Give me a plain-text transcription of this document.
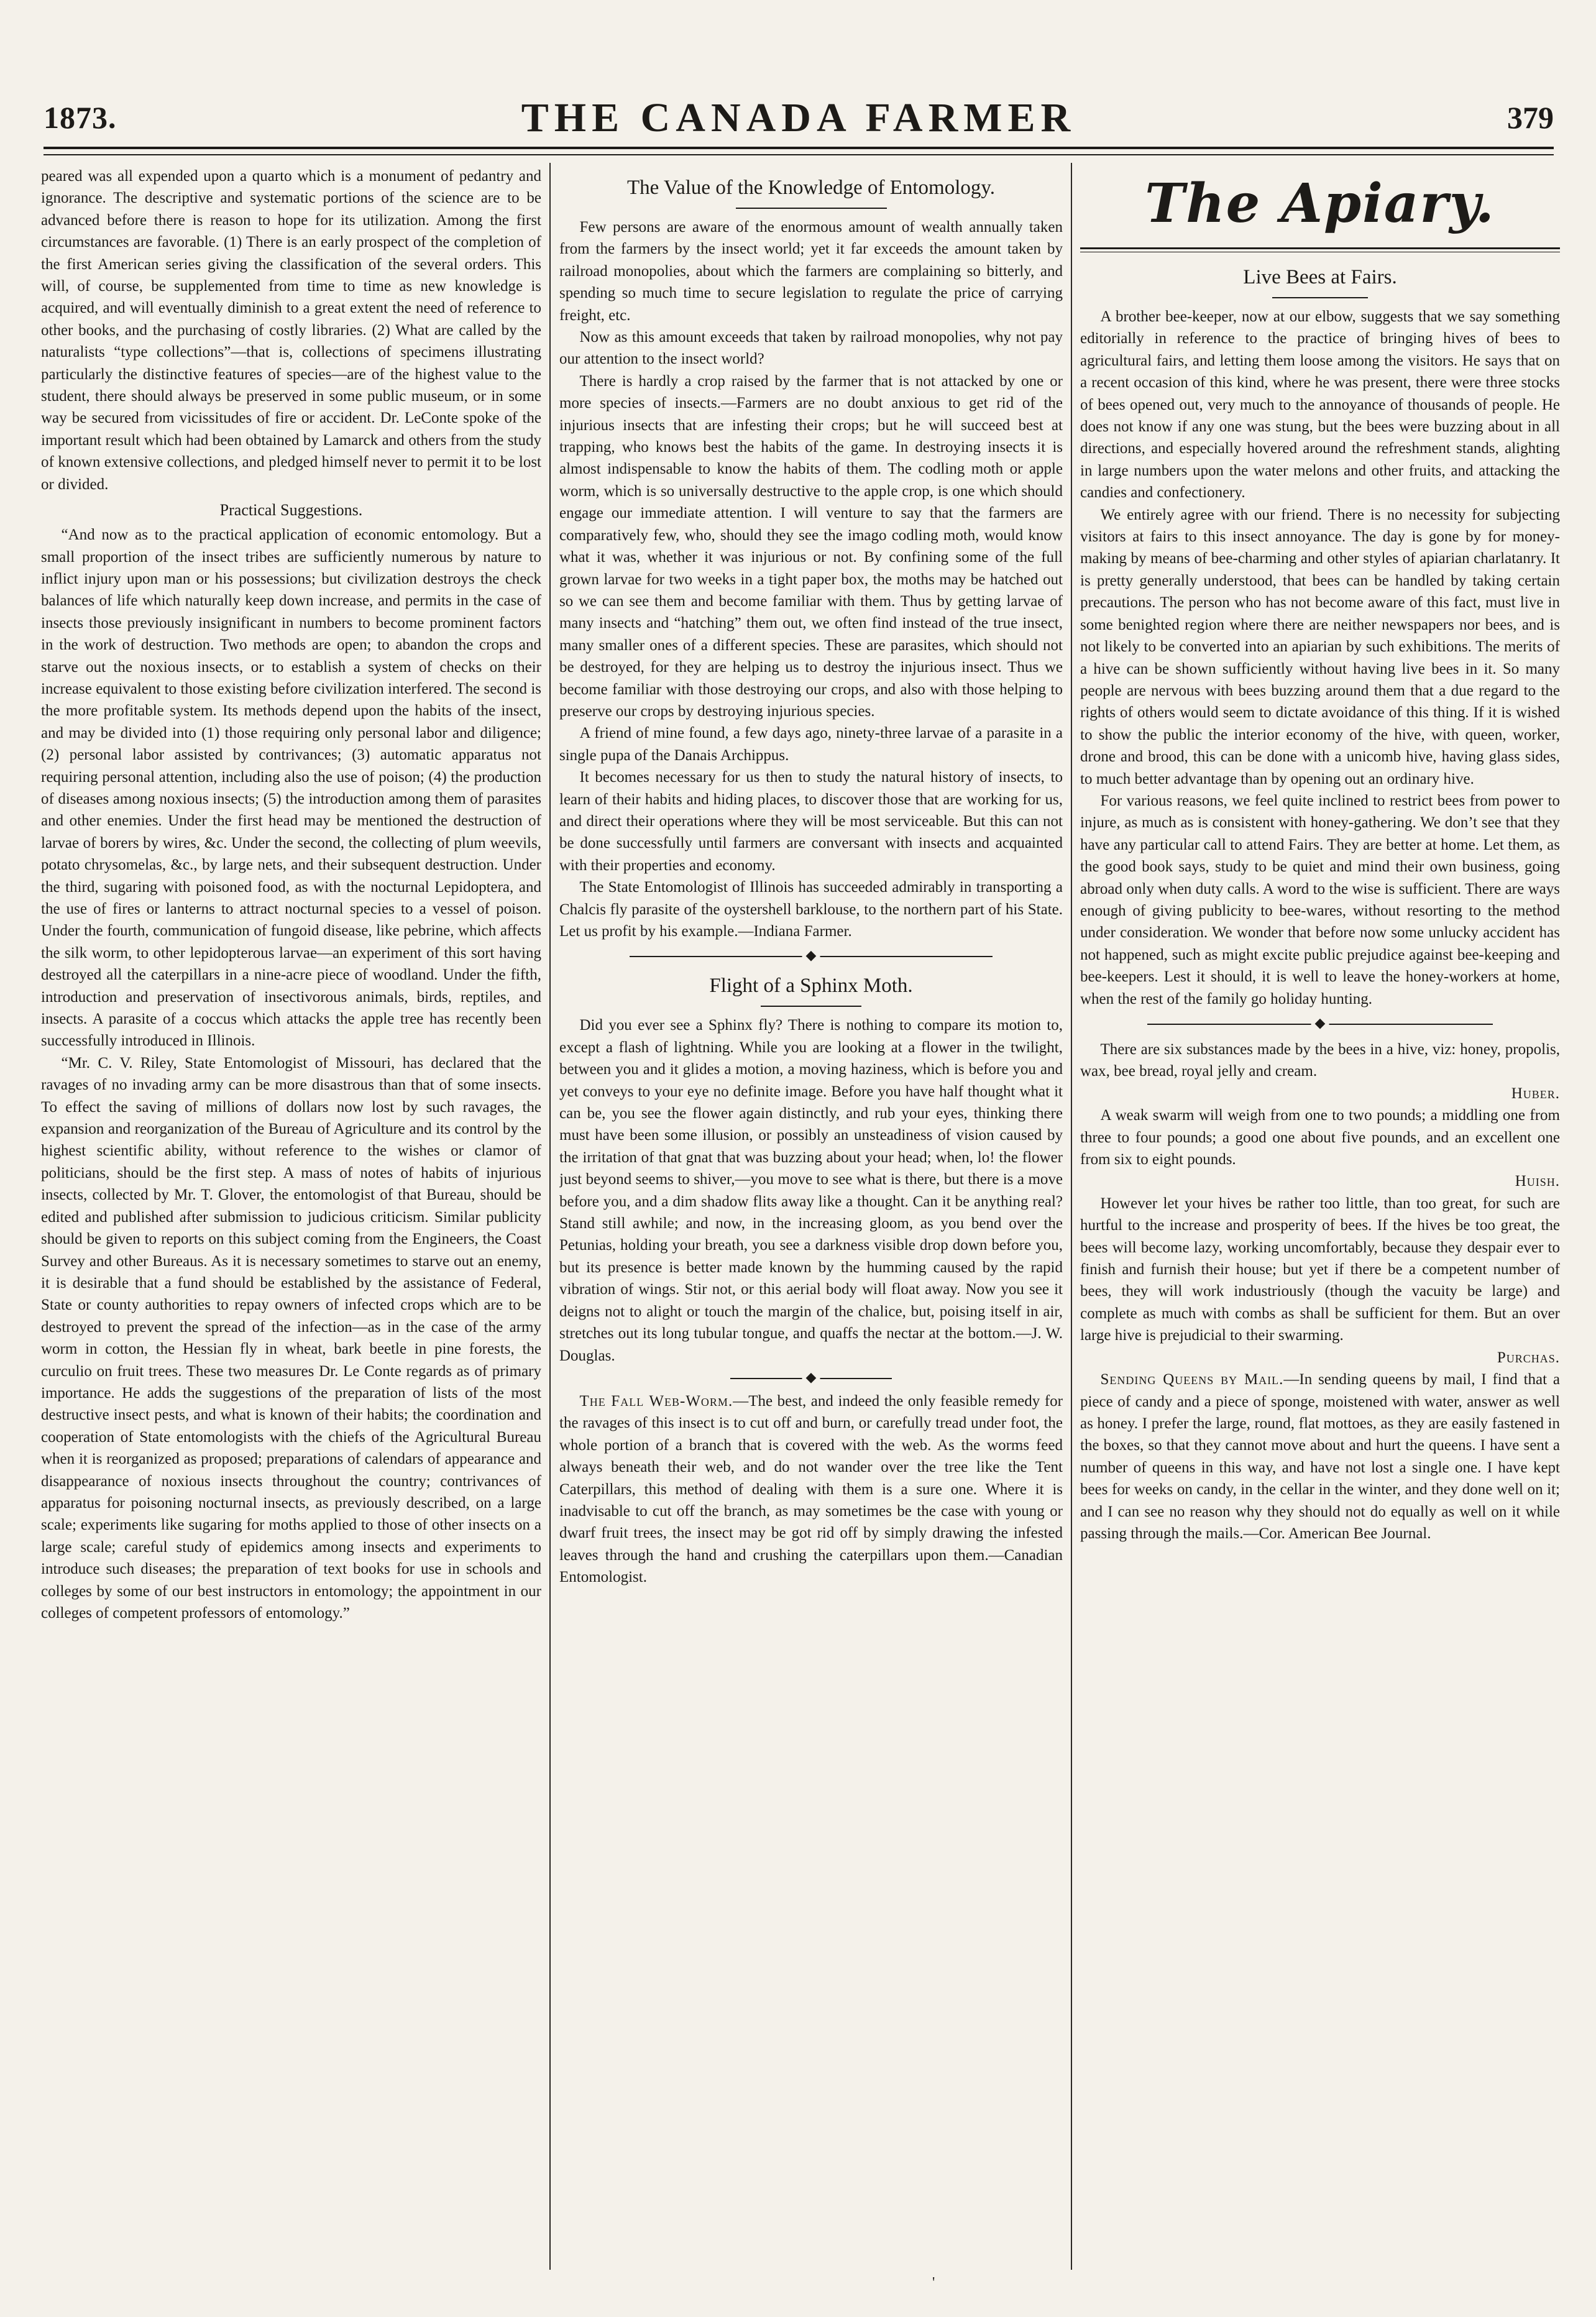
1873.	THE CANADA FARMER	379

peared was all expended upon a quarto which is a monument of pedantry and ignorance. The descriptive and systematic portions of the science are to be advanced before there is reason to hope for its utilization. Among the first circumstances are favorable. (1) There is an early prospect of the completion of the first American series giving the classification of the several orders. This will, of course, be supplemented from time to time as new knowledge is acquired, and will eventually diminish to a great extent the need of reference to other books, and the purchasing of costly libraries. (2) What are called by the naturalists “type collections”—that is, collections of specimens illustrating particularly the distinctive features of species—are of the highest value to the student, there should always be preserved in some public museum, or in some way be secured from vicissitudes of fire or accident. Dr. LeConte spoke of the important result which had been obtained by Lamarck and others from the study of known extensive collections, and pledged himself never to permit it to be lost or divided.

Practical Suggestions.

“And now as to the practical application of economic entomology. But a small proportion of the insect tribes are sufficiently numerous by nature to inflict injury upon man or his possessions; but civilization destroys the check balances of life which naturally keep down increase, and permits in the case of insects those previously insignificant in numbers to become prominent factors in the work of destruction. Two methods are open; to abandon the crops and starve out the noxious insects, or to establish a system of checks on their increase equivalent to those existing before civilization interfered. The second is the more profitable system. Its methods depend upon the habits of the insect, and may be divided into (1) those requiring only personal labor and diligence; (2) personal labor assisted by contrivances; (3) automatic apparatus not requiring personal attention, including also the use of poison; (4) the production of diseases among noxious insects; (5) the introduction among them of parasites and other enemies. Under the first head may be mentioned the destruction of larvae of borers by wires, &c. Under the second, the collecting of plum weevils, potato chrysomelas, &c., by large nets, and their subsequent destruction. Under the third, sugaring with poisoned food, as with the nocturnal Lepidoptera, and the use of fires or lanterns to attract nocturnal species to a vessel of poison. Under the fourth, communication of fungoid disease, like pebrine, which affects the silk worm, to other lepidopterous larvae—an experiment of this sort having destroyed all the caterpillars in a nine-acre piece of woodland. Under the fifth, introduction and preservation of insectivorous animals, birds, reptiles, and insects. A parasite of a coccus which attacks the apple tree has recently been successfully introduced in Illinois.

“Mr. C. V. Riley, State Entomologist of Missouri, has declared that the ravages of no invading army can be more disastrous than that of some insects. To effect the saving of millions of dollars now lost by such ravages, the expansion and reorganization of the Bureau of Agriculture and its control by the highest scientific ability, without reference to the wishes or clamor of politicians, should be the first step. A mass of notes of habits of injurious insects, collected by Mr. T. Glover, the entomologist of that Bureau, should be edited and published after submission to judicious criticism. Similar publicity should be given to reports on this subject coming from the Engineers, the Coast Survey and other Bureaus. As it is necessary sometimes to starve out an enemy, it is desirable that a fund should be established by the assistance of Federal, State or county authorities to repay owners of infected crops which are to be destroyed to prevent the spread of the infection—as in the case of the army worm in cotton, the Hessian fly in wheat, bark beetle in pine forests, the curculio on fruit trees. These two measures Dr. Le Conte regards as of primary importance. He adds the suggestions of the preparation of lists of the most destructive insect pests, and what is known of their habits; the coordination and cooperation of State entomologists with the chiefs of the Agricultural Bureau when it is reorganized as proposed; preparations of calendars of appearance and disappearance of noxious insects throughout the country; contrivances of apparatus for poisoning nocturnal insects, as previously described, on a large scale; experiments like sugaring for moths applied to those of other insects on a large scale; careful study of epidemics among insects and experiments to introduce such diseases; the preparation of text books for use in schools and colleges by some of our best instructors in entomology; the appointment in our colleges of competent professors of entomology.”

The Value of the Knowledge of Entomology.

Few persons are aware of the enormous amount of wealth annually taken from the farmers by the insect world; yet it far exceeds the amount taken by railroad monopolies, about which the farmers are complaining so bitterly, and spending so much time to secure legislation to regulate the price of carrying freight, etc.

Now as this amount exceeds that taken by railroad monopolies, why not pay our attention to the insect world?

There is hardly a crop raised by the farmer that is not attacked by one or more species of insects.—Farmers are no doubt anxious to get rid of the injurious insects that are infesting their crops; but he will succeed best at trapping, who knows best the habits of the game. In destroying insects it is almost indispensable to know the habits of them. The codling moth or apple worm, which is so universally destructive to the apple crop, is one which should engage our immediate attention. I will venture to say that the farmers are comparatively few, who, should they see the imago codling moth, would know what it was, whether it was injurious or not. By confining some of the full grown larvae for two weeks in a tight paper box, the moths may be hatched out so we can see them and become familiar with them. Thus by getting larvae of many insects and “hatching” them out, we often find instead of the true insect, many smaller ones of a different species. These are parasites, which should not be destroyed, for they are helping us to destroy the injurious insect. Thus we become familiar with those destroying our crops, and also with those helping to preserve our crops by destroying injurious species.

A friend of mine found, a few days ago, ninety-three larvae of a parasite in a single pupa of the Danais Archippus.

It becomes necessary for us then to study the natural history of insects, to learn of their habits and hiding places, to discover those that are working for us, and direct their operations where they will be most serviceable. But this can not be done successfully until farmers are conversant with insects and acquainted with their properties and economy.

The State Entomologist of Illinois has succeeded admirably in transporting a Chalcis fly parasite of the oystershell barklouse, to the northern part of his State. Let us profit by his example.—Indiana Farmer.

◆
Flight of a Sphinx Moth.

Did you ever see a Sphinx fly? There is nothing to compare its motion to, except a flash of lightning. While you are looking at a flower in the twilight, between you and it glides a motion, a moving haziness, which is before you and yet conveys to your eye no definite image. Before you have half thought what it can be, you see the flower again distinctly, and rub your eyes, thinking there must have been some illusion, or possibly an unsteadiness of vision caused by the irritation of that gnat that was buzzing about your head; when, lo! the flower just beyond seems to shiver,—you move to see what is there, but there is a move before you, and a dim shadow flits away like a thought. Can it be anything real? Stand still awhile; and now, in the increasing gloom, as you bend over the Petunias, holding your breath, you see a darkness visible drop down before you, but its presence is better made known by the humming caused by the rapid vibration of wings. Stir not, or this aerial body will float away. Now you see it deigns not to alight or touch the margin of the chalice, but, poising itself in air, stretches out its long tubular tongue, and quaffs the nectar at the bottom.—J. W. Douglas.

◆

The Fall Web-Worm.—The best, and indeed the only feasible remedy for the ravages of this insect is to cut off and burn, or carefully tread under foot, the whole portion of a branch that is covered with the web. As the worms feed always beneath their web, and do not wander over the tree like the Tent Caterpillars, this method of dealing with them is a sure one. Where it is inadvisable to cut off the branch, as may sometimes be the case with young or dwarf fruit trees, the insect may be got rid off by simply drawing the infested leaves through the hand and crushing the caterpillars upon them.—Canadian Entomologist.

The Apiary.
Live Bees at Fairs.

A brother bee-keeper, now at our elbow, suggests that we say something editorially in reference to the practice of bringing hives of bees to agricultural fairs, and letting them loose among the visitors. He says that on a recent occasion of this kind, where he was present, there were three stocks of bees opened out, very much to the annoyance of thousands of people. He does not know if any one was stung, but the bees were buzzing about in all directions, and especially hovered around the refreshment stands, alighting in large numbers upon the water melons and other fruits, and attacking the candies and confectionery.

We entirely agree with our friend. There is no necessity for subjecting visitors at fairs to this insect annoyance. The day is gone by for money-making by means of bee-charming and other styles of apiarian charlatanry. It is pretty generally understood, that bees can be handled by taking certain precautions. The person who has not become aware of this fact, must live in some benighted region where there are neither newspapers nor bees, and is not likely to be converted into an apiarian by such exhibitions. The merits of a hive can be shown sufficiently without having live bees in it. So many people are nervous with bees buzzing around them that a due regard to the rights of others would seem to dictate avoidance of this thing. If it is wished to show the public the interior economy of the hive, with queen, worker, drone and brood, this can be done with a unicomb hive, having glass sides, to much better advantage than by opening out an ordinary hive.

For various reasons, we feel quite inclined to restrict bees from power to injure, as much as is consistent with honey-gathering. We don’t see that they have any particular call to attend Fairs. They are better at home. Let them, as the good book says, study to be quiet and mind their own business, going abroad only when duty calls. A word to the wise is sufficient. There are ways enough of giving publicity to bee-wares, without resorting to the method under consideration. We wonder that before now some unlucky accident has not happened, such as might excite public prejudice against bee-keeping and bee-keepers. Lest it should, it is well to leave the honey-workers at home, when the rest of the family go holiday hunting.

◆

There are six substances made by the bees in a hive, viz: honey, propolis, wax, bee bread, royal jelly and cream.

Huber.

A weak swarm will weigh from one to two pounds; a middling one from three to four pounds; a good one about five pounds, and an excellent one from six to eight pounds.

Huish.

However let your hives be rather too little, than too great, for such are hurtful to the increase and prosperity of bees. If the hives be too great, the bees will become lazy, working uncomfortably, because they despair ever to finish and furnish their house; but yet if there be a competent number of bees, they will work industriously (though the vacuity be large) and complete as much with combs as shall be sufficient for them. But an over large hive is prejudicial to their swarming.

Purchas.

Sending Queens by Mail.—In sending queens by mail, I find that a piece of candy and a piece of sponge, moistened with water, answer as well as honey. I prefer the large, round, flat mottoes, as they are easily fastened in the boxes, so that they cannot move about and hurt the queens. I have sent a number of queens in this way, and have not lost a single one. I have kept bees for weeks on candy, in the cellar in the winter, and they done well on it; and I can see no reason why they should not do equally as well on it while passing through the mails.—Cor. American Bee Journal.

'
